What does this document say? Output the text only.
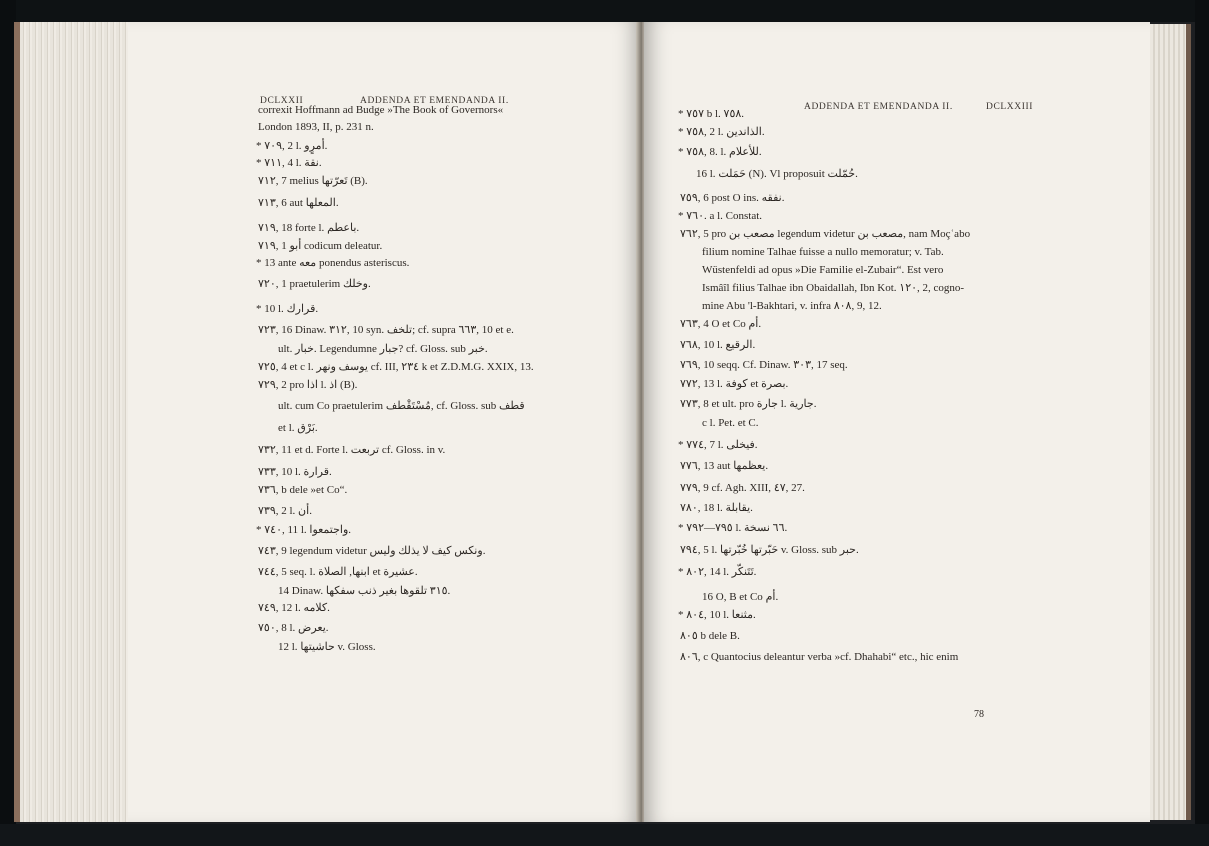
DCLXXII	ADDENDA ET EMENDANDA II.
correxit Hoffmann ad Budge »The Book of Governors«
London 1893, II, p. 231 n.
* ٧٠٩, 2 l. أمرٍو.
* ٧١١, 4 l. نقة.
٧١٢, 7 melius تَعرّتها (B).
٧١٣, 6 aut المعلها.
٧١٩, 18 forte l. باعطم.
٧١٩, 1 أبو codicum deleatur.
* 13 ante معه ponendus asteriscus.
٧٢٠, 1 praetulerim وخلك.
* 10 l. قرارك.
٧٢٣, 16 Dinaw. ٣١٢, 10 syn. تلخف; cf. supra ٦٦٣, 10 et e.
ult. خبار. Legendumne جبار? cf. Gloss. sub خبر.
٧٢٥, 4 et c l. يوسف ونهر cf. III, ٢٣٤ k et Z.D.M.G. XXIX, 13.
٧٢٩, 2 pro اذا l. اذ (B).
ult. cum Co praetulerim مُسْتَقْطف, cf. Gloss. sub قطف
et l. بَرْق.
٧٣٢, 11 et d. Forte l. تربعت cf. Gloss. in v.
٧٣٣, 10 l. قرارة.
٧٣٦, b dele »et Co“.
٧٣٩, 2 l. أن.
* ٧٤٠, 11 l. واجتمعوا.
٧٤٣, 9 legendum videtur ونكس كيف لا يذلك وليس.
٧٤٤, 5 seq. l. ابنها, الصلاة et عشيرة.
14 Dinaw. ٣١٥ تلقوها بغير ذنب سفكها.
٧٤٩, 12 l. كلامه.
٧٥٠, 8 l. يعرض.
12 l. حاشيتها v. Gloss.
ADDENDA ET EMENDANDA II.	DCLXXIII
* ٧٥٧ b l. ٧٥٨.
* ٧٥٨, 2 l. الذاندين.
* ٧٥٨, 8. l. للأعلام.
16 l. حَمَلت (N). Vl proposuit حُمّلت.
٧٥٩, 6 post O ins. نفقه.
* ٧٦٠. a l. Constat.
٧٦٢, 5 pro مصعب بن legendum videtur مصعب بن, nam Moçʿabo
filium nomine Talhae fuisse a nullo memoratur; v. Tab.
Wüstenfeldi ad opus »Die Familie el-Zubair“. Est vero
Ismâîl filius Talhae ibn Obaidallah, Ibn Kot. ١٢٠, 2, cogno-
mine Abu 'l-Bakhtari, v. infra ٨٠٨, 9, 12.
٧٦٣, 4 O et Co أم.
٧٦٨, 10 l. الرقيع.
٧٦٩, 10 seqq. Cf. Dinaw. ٣٠٣, 17 seq.
٧٧٢, 13 l. كوفة et بصرة.
٧٧٣, 8 et ult. pro جارة l. جارية.
c l. Pet. et C.
* ٧٧٤, 7 l. فيخلى.
٧٧٦, 13 aut يعظمها.
٧٧٩, 9 cf. Agh. XIII, ٤٧, 27.
٧٨٠, 18 l. يقابلة.
* ٧٩٥—٧٩٢ l. ٦٦ نسخة.
٧٩٤, 5 l. حَبّرتها خُبّرتها v. Gloss. sub حبر.
* ٨٠٢, 14 l. تَتَنكّر.
16 O, B et Co أم.
* ٨٠٤, 10 l. مثنعا.
٨٠٥ b dele B.
٨٠٦, c Quantocius deleantur verba »cf. Dhahabi“ etc., hic enim
78
